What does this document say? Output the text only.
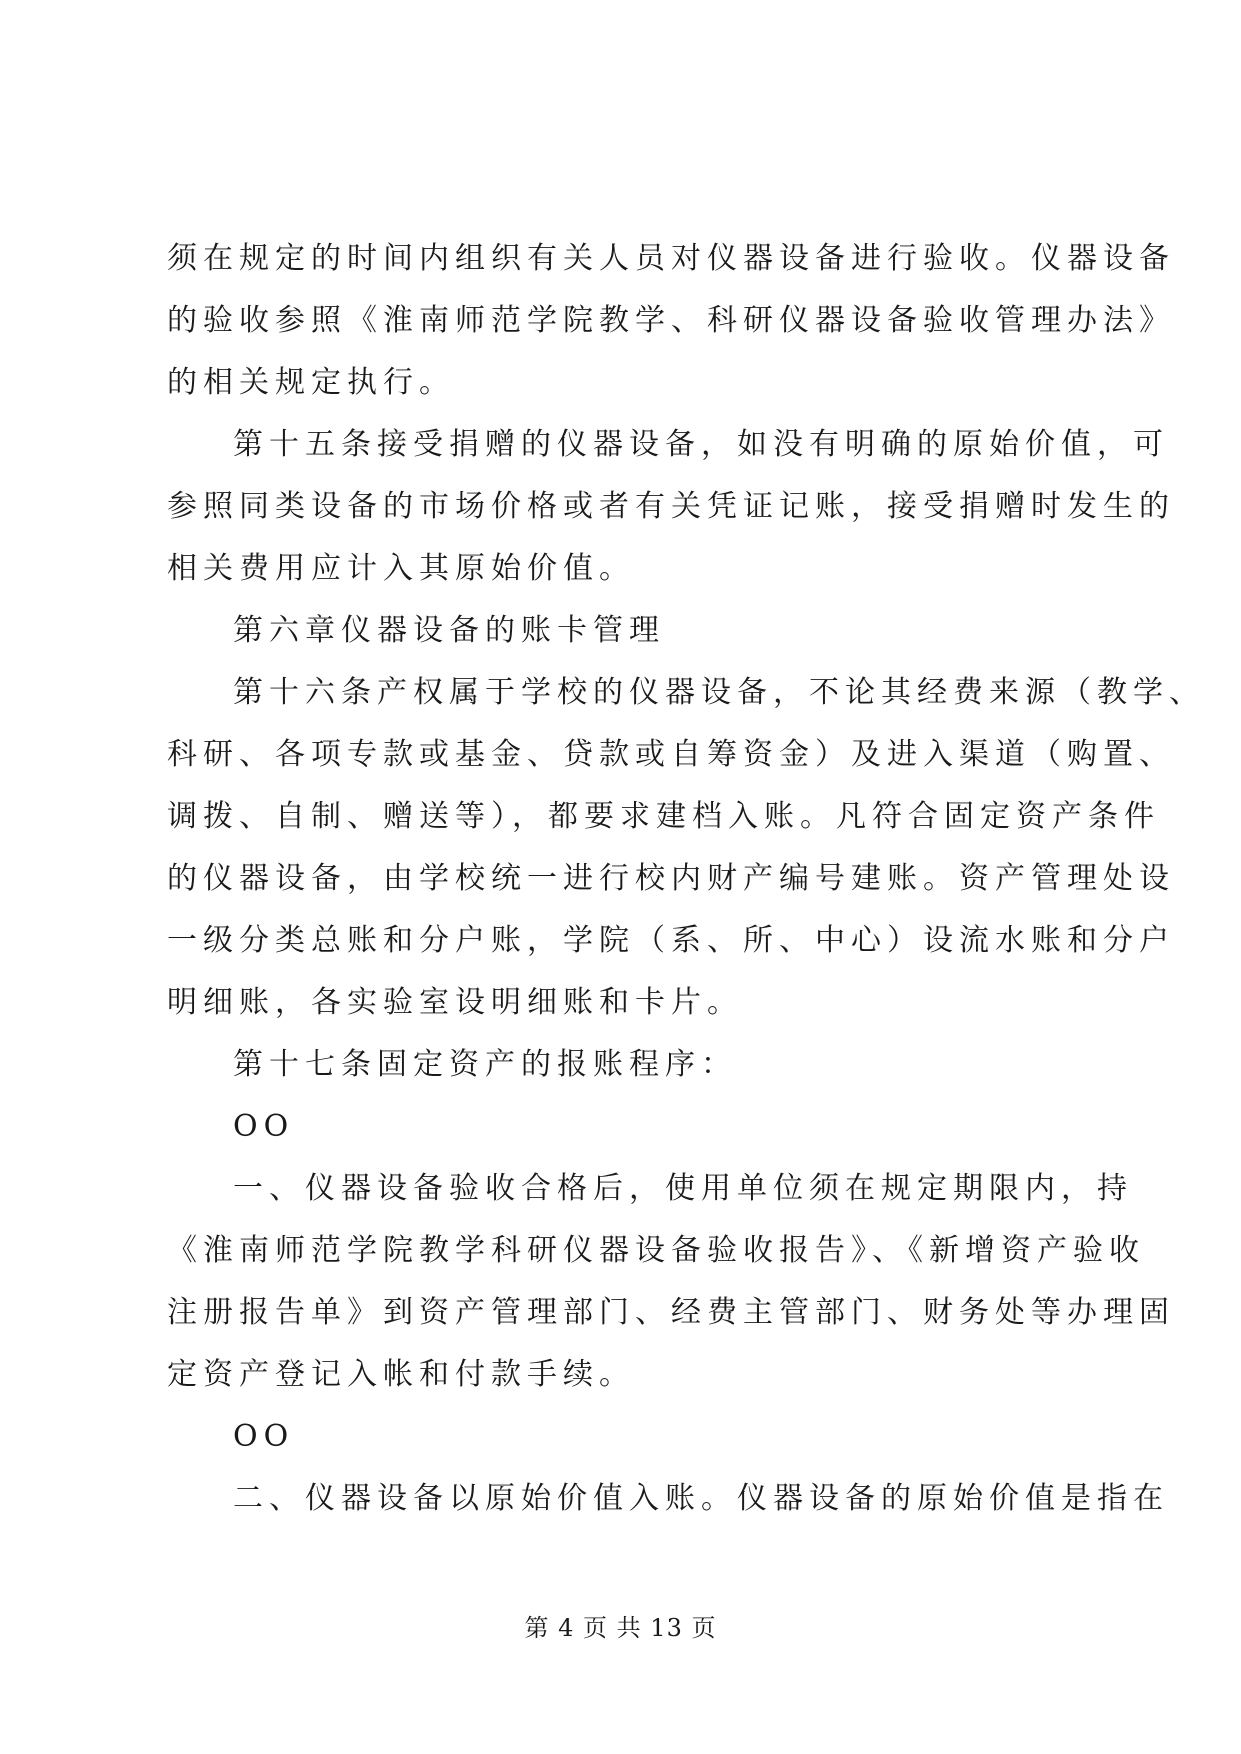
须在规定的时间内组织有关人员对仪器设备进行验收。仪器设备
的验收参照《淮南师范学院教学、科研仪器设备验收管理办法》
的相关规定执行。
第十五条接受捐赠的仪器设备，如没有明确的原始价值，可
参照同类设备的市场价格或者有关凭证记账，接受捐赠时发生的
相关费用应计入其原始价值。
第六章仪器设备的账卡管理
第十六条产权属于学校的仪器设备，不论其经费来源（教学、
科研、各项专款或基金、贷款或自筹资金）及进入渠道（购置、
调拨、自制、赠送等），都要求建档入账。凡符合固定资产条件
的仪器设备，由学校统一进行校内财产编号建账。资产管理处设
一级分类总账和分户账，学院（系、所、中心）设流水账和分户
明细账，各实验室设明细账和卡片。
第十七条固定资产的报账程序：
OO
一、仪器设备验收合格后，使用单位须在规定期限内，持
《淮南师范学院教学科研仪器设备验收报告》、《新增资产验收
注册报告单》到资产管理部门、经费主管部门、财务处等办理固
定资产登记入帐和付款手续。
OO
二、仪器设备以原始价值入账。仪器设备的原始价值是指在
第 4 页 共 13 页
